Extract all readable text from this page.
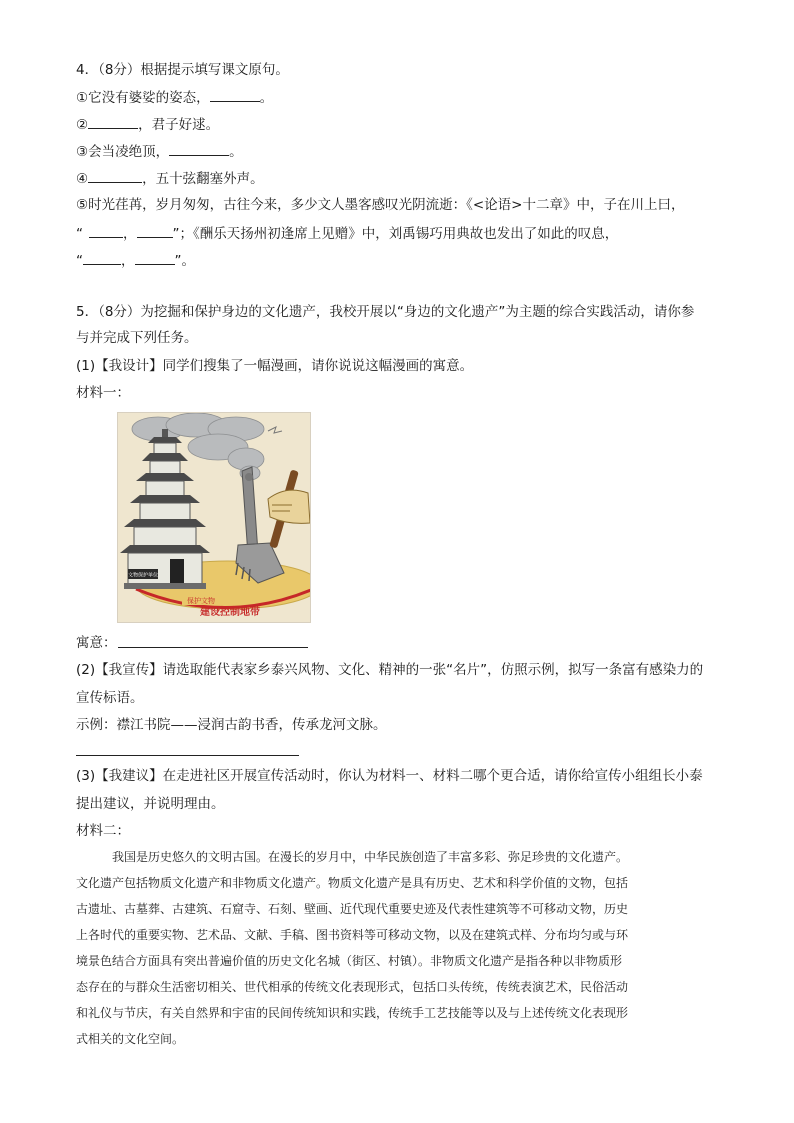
4．（8分）根据提示填写课文原句。
①它没有婆娑的姿态，	。
②	，君子好逑。
③会当凌绝顶，	。
④	，五十弦翻塞外声。
⑤时光荏苒，岁月匆匆，古往今来，多少文人墨客感叹光阴流逝：《<论语>十二章》中，子在川上曰，
“	，	”；《酬乐天扬州初逢席上见赠》中，刘禹锡巧用典故也发出了如此的叹息，
“	，	”。
5．（8分）为挖掘和保护身边的文化遗产，我校开展以“身边的文化遗产”为主题的综合实践活动，请你参
与并完成下列任务。
(1)【我设计】同学们搜集了一幅漫画，请你说说这幅漫画的寓意。
材料一：
文物保护单位
保护文物
建设控制地带
寓意：
(2)【我宣传】请选取能代表家乡泰兴风物、文化、精神的一张“名片”，仿照示例，拟写一条富有感染力的
宣传标语。
示例：襟江书院——浸润古韵书香，传承龙河文脉。
(3)【我建议】在走进社区开展宣传活动时，你认为材料一、材料二哪个更合适，请你给宣传小组组长小泰
提出建议，并说明理由。
材料二：

我国是历史悠久的文明古国。在漫长的岁月中，中华民族创造了丰富多彩、弥足珍贵的文化遗产。

文化遗产包括物质文化遗产和非物质文化遗产。物质文化遗产是具有历史、艺术和科学价值的文物，包括

古遗址、古墓葬、古建筑、石窟寺、石刻、壁画、近代现代重要史迹及代表性建筑等不可移动文物，历史

上各时代的重要实物、艺术品、文献、手稿、图书资料等可移动文物，以及在建筑式样、分布均匀或与环

境景色结合方面具有突出普遍价值的历史文化名城（街区、村镇）。非物质文化遗产是指各种以非物质形

态存在的与群众生活密切相关、世代相承的传统文化表现形式，包括口头传统，传统表演艺术，民俗活动

和礼仪与节庆，有关自然界和宇宙的民间传统知识和实践，传统手工艺技能等以及与上述传统文化表现形

式相关的文化空间。
